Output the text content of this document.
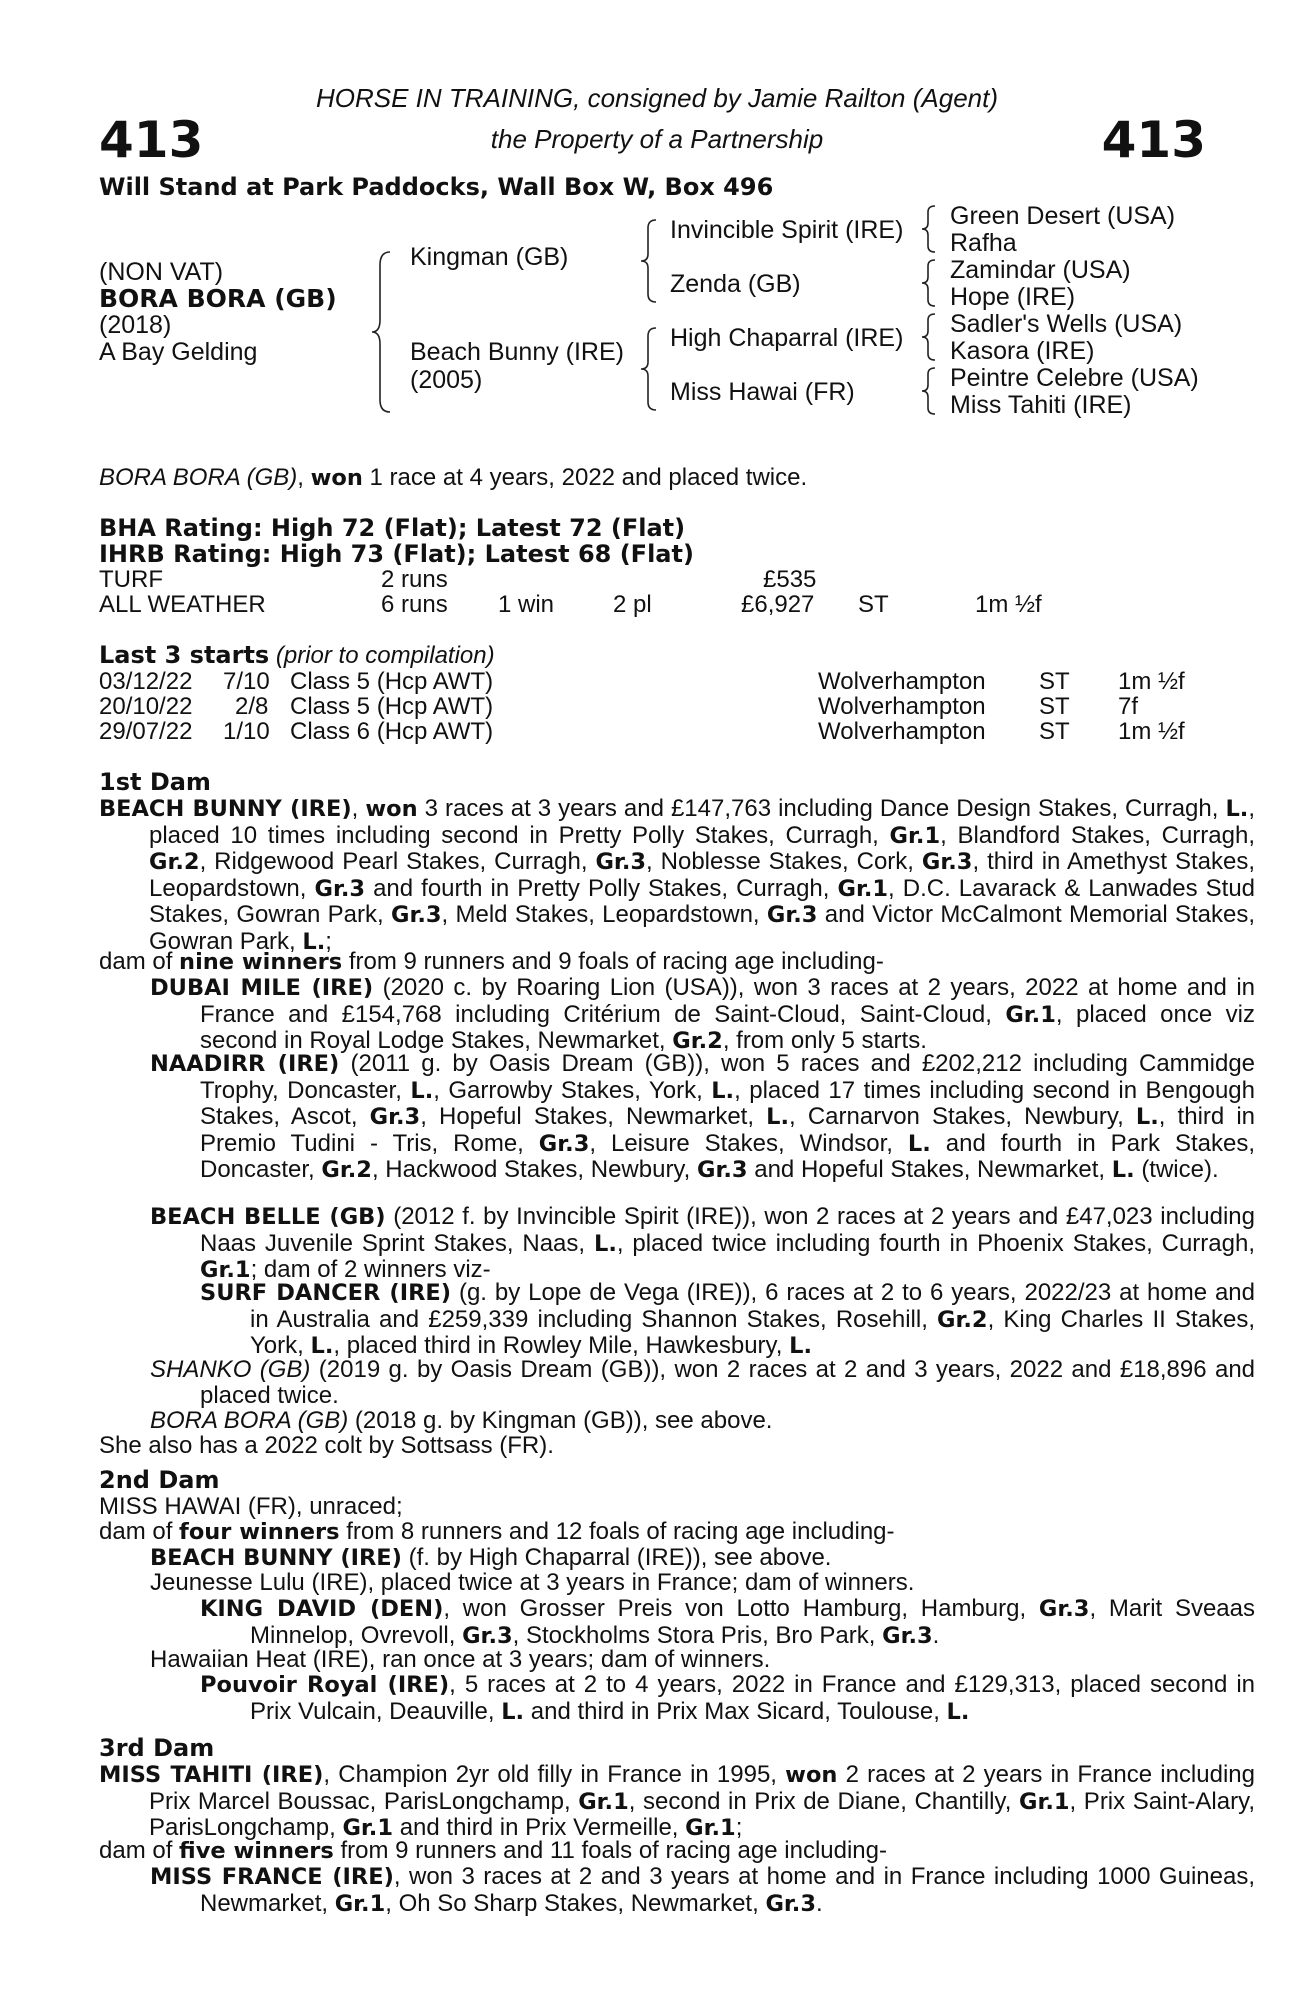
413	413
HORSE IN TRAINING, consigned by Jamie Railton (Agent)
the Property of a Partnership
Will Stand at Park Paddocks, Wall Box W, Box 496
(NON VAT)
BORA BORA (GB)
(2018)
A Bay Gelding
Kingman (GB)
Beach Bunny (IRE)
(2005)
Invincible Spirit (IRE)
Zenda (GB)
High Chaparral (IRE)
Miss Hawai (FR)
Green Desert (USA)
Rafha
Zamindar (USA)
Hope (IRE)
Sadler's Wells (USA)
Kasora (IRE)
Peintre Celebre (USA)
Miss Tahiti (IRE)
BORA BORA (GB), won 1 race at 4 years, 2022 and placed twice.
BHA Rating: High 72 (Flat); Latest 72 (Flat)
IHRB Rating: High 73 (Flat); Latest 68 (Flat)
TURF	2 runs	£535
ALL WEATHER	6 runs 1 win 2 pl	£6,927 ST	1m ½f
Last 3 starts (prior to compilation)
03/12/22 7/10 Class 5 (Hcp AWT)	Wolverhampton ST 1m ½f
20/10/22 2/8 Class 5 (Hcp AWT)	Wolverhampton ST 7f
29/07/22 1/10 Class 6 (Hcp AWT)	Wolverhampton ST 1m ½f
1st Dam
BEACH BUNNY (IRE), won 3 races at 3 years and £147,763 including Dance Design Stakes, Curragh, L., placed 10 times including second in Pretty Polly Stakes, Curragh, Gr.1, Blandford Stakes, Curragh, Gr.2, Ridgewood Pearl Stakes, Curragh, Gr.3, Noblesse Stakes, Cork, Gr.3, third in Amethyst Stakes, Leopardstown, Gr.3 and fourth in Pretty Polly Stakes, Curragh, Gr.1, D.C. Lavarack & Lanwades Stud Stakes, Gowran Park, Gr.3, Meld Stakes, Leopardstown, Gr.3 and Victor McCalmont Memorial Stakes, Gowran Park, L.;
dam of nine winners from 9 runners and 9 foals of racing age including-
DUBAI MILE (IRE) (2020 c. by Roaring Lion (USA)), won 3 races at 2 years, 2022 at home and in France and £154,768 including Critérium de Saint-Cloud, Saint-Cloud, Gr.1, placed once viz second in Royal Lodge Stakes, Newmarket, Gr.2, from only 5 starts.
NAADIRR (IRE) (2011 g. by Oasis Dream (GB)), won 5 races and £202,212 including Cammidge Trophy, Doncaster, L., Garrowby Stakes, York, L., placed 17 times including second in Bengough Stakes, Ascot, Gr.3, Hopeful Stakes, Newmarket, L., Carnarvon Stakes, Newbury, L., third in Premio Tudini - Tris, Rome, Gr.3, Leisure Stakes, Windsor, L. and fourth in Park Stakes, Doncaster, Gr.2, Hackwood Stakes, Newbury, Gr.3 and Hopeful Stakes, Newmarket, L. (twice).
BEACH BELLE (GB) (2012 f. by Invincible Spirit (IRE)), won 2 races at 2 years and £47,023 including Naas Juvenile Sprint Stakes, Naas, L., placed twice including fourth in Phoenix Stakes, Curragh, Gr.1; dam of 2 winners viz-
SURF DANCER (IRE) (g. by Lope de Vega (IRE)), 6 races at 2 to 6 years, 2022/23 at home and in Australia and £259,339 including Shannon Stakes, Rosehill, Gr.2, King Charles II Stakes, York, L., placed third in Rowley Mile, Hawkesbury, L.
SHANKO (GB) (2019 g. by Oasis Dream (GB)), won 2 races at 2 and 3 years, 2022 and £18,896 and placed twice.
BORA BORA (GB) (2018 g. by Kingman (GB)), see above.
She also has a 2022 colt by Sottsass (FR).
2nd Dam
MISS HAWAI (FR), unraced;
dam of four winners from 8 runners and 12 foals of racing age including-
BEACH BUNNY (IRE) (f. by High Chaparral (IRE)), see above.
Jeunesse Lulu (IRE), placed twice at 3 years in France; dam of winners.
KING DAVID (DEN), won Grosser Preis von Lotto Hamburg, Hamburg, Gr.3, Marit Sveaas Minnelop, Ovrevoll, Gr.3, Stockholms Stora Pris, Bro Park, Gr.3.
Hawaiian Heat (IRE), ran once at 3 years; dam of winners.
Pouvoir Royal (IRE), 5 races at 2 to 4 years, 2022 in France and £129,313, placed second in Prix Vulcain, Deauville, L. and third in Prix Max Sicard, Toulouse, L.
3rd Dam
MISS TAHITI (IRE), Champion 2yr old filly in France in 1995, won 2 races at 2 years in France including Prix Marcel Boussac, ParisLongchamp, Gr.1, second in Prix de Diane, Chantilly, Gr.1, Prix Saint-Alary, ParisLongchamp, Gr.1 and third in Prix Vermeille, Gr.1;
dam of five winners from 9 runners and 11 foals of racing age including-
MISS FRANCE (IRE), won 3 races at 2 and 3 years at home and in France including 1000 Guineas, Newmarket, Gr.1, Oh So Sharp Stakes, Newmarket, Gr.3.
